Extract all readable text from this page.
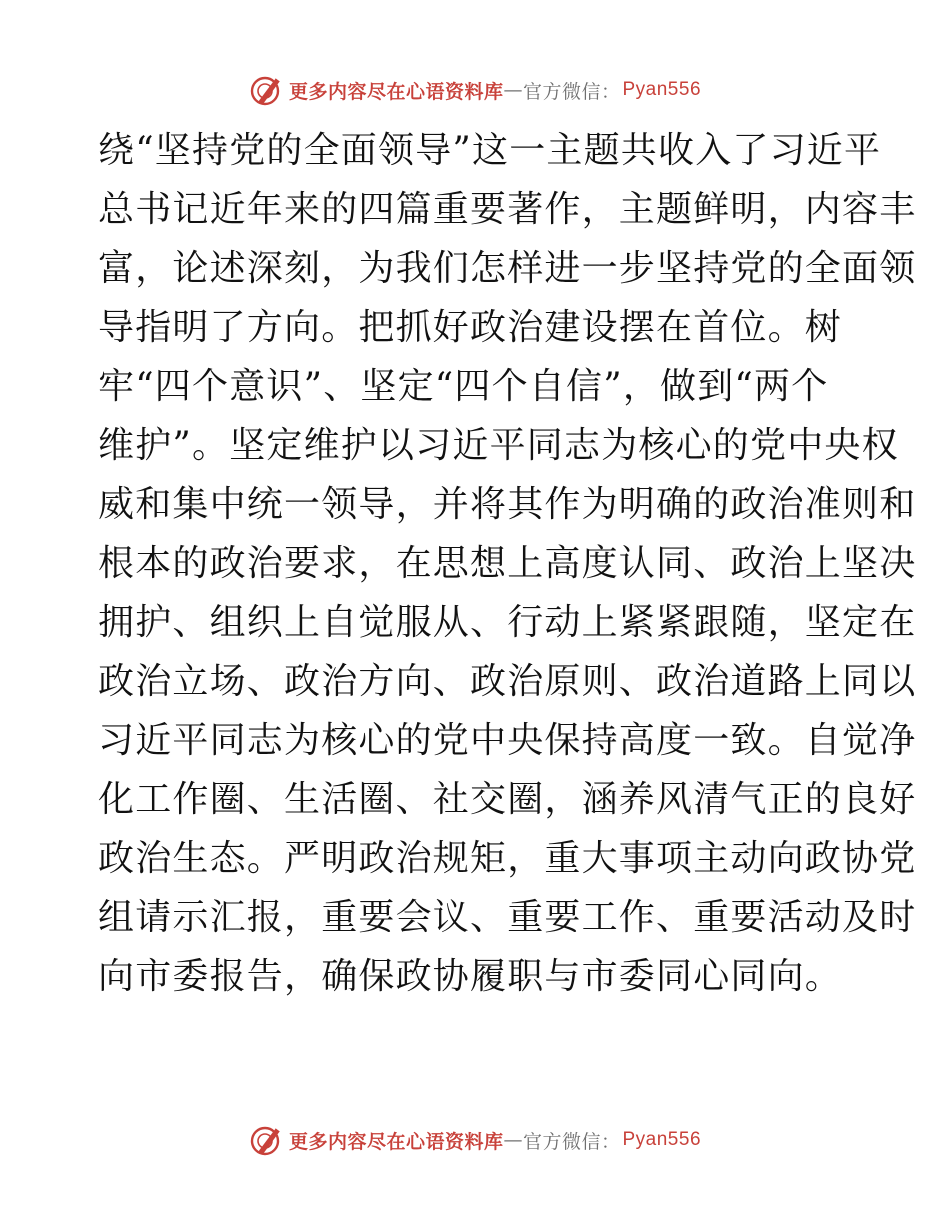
更多内容尽在心语资料库 — 官方微信： Pyan556
绕“坚持党的全面领导”这一主题共收入了习近平
总书记近年来的四篇重要著作，主题鲜明，内容丰
富，论述深刻，为我们怎样进一步坚持党的全面领
导指明了方向。把抓好政治建设摆在首位。树
牢“四个意识”、坚定“四个自信”，做到“两个
维护”。坚定维护以习近平同志为核心的党中央权
威和集中统一领导，并将其作为明确的政治准则和
根本的政治要求，在思想上高度认同、政治上坚决
拥护、组织上自觉服从、行动上紧紧跟随，坚定在
政治立场、政治方向、政治原则、政治道路上同以
习近平同志为核心的党中央保持高度一致。自觉净
化工作圈、生活圈、社交圈，涵养风清气正的良好
政治生态。严明政治规矩，重大事项主动向政协党
组请示汇报，重要会议、重要工作、重要活动及时
向市委报告，确保政协履职与市委同心同向。
更多内容尽在心语资料库 — 官方微信： Pyan556
